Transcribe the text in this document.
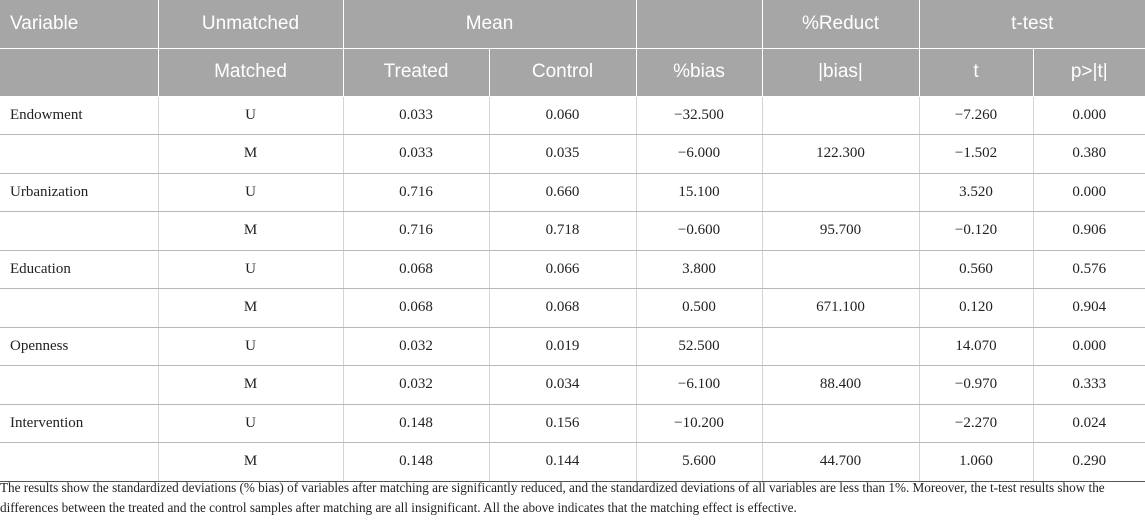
Variable	Unmatched	Mean			%Reduct	t-test	
	Matched	Treated	Control	%bias	|bias|	t	p>|t|
Endowment	U	0.033	0.060	−32.500		−7.260	0.000
	M	0.033	0.035	−6.000	122.300	−1.502	0.380
Urbanization	U	0.716	0.660	15.100		3.520	0.000
	M	0.716	0.718	−0.600	95.700	−0.120	0.906
Education	U	0.068	0.066	3.800		0.560	0.576
	M	0.068	0.068	0.500	671.100	0.120	0.904
Openness	U	0.032	0.019	52.500		14.070	0.000
	M	0.032	0.034	−6.100	88.400	−0.970	0.333
Intervention	U	0.148	0.156	−10.200		−2.270	0.024
	M	0.148	0.144	5.600	44.700	1.060	0.290
The results show the standardized deviations (% bias) of variables after matching are significantly reduced, and the standardized deviations of all variables are less than 1%. Moreover, the t-test results show the differences between the treated and the control samples after matching are all insignificant. All the above indicates that the matching effect is effective.
